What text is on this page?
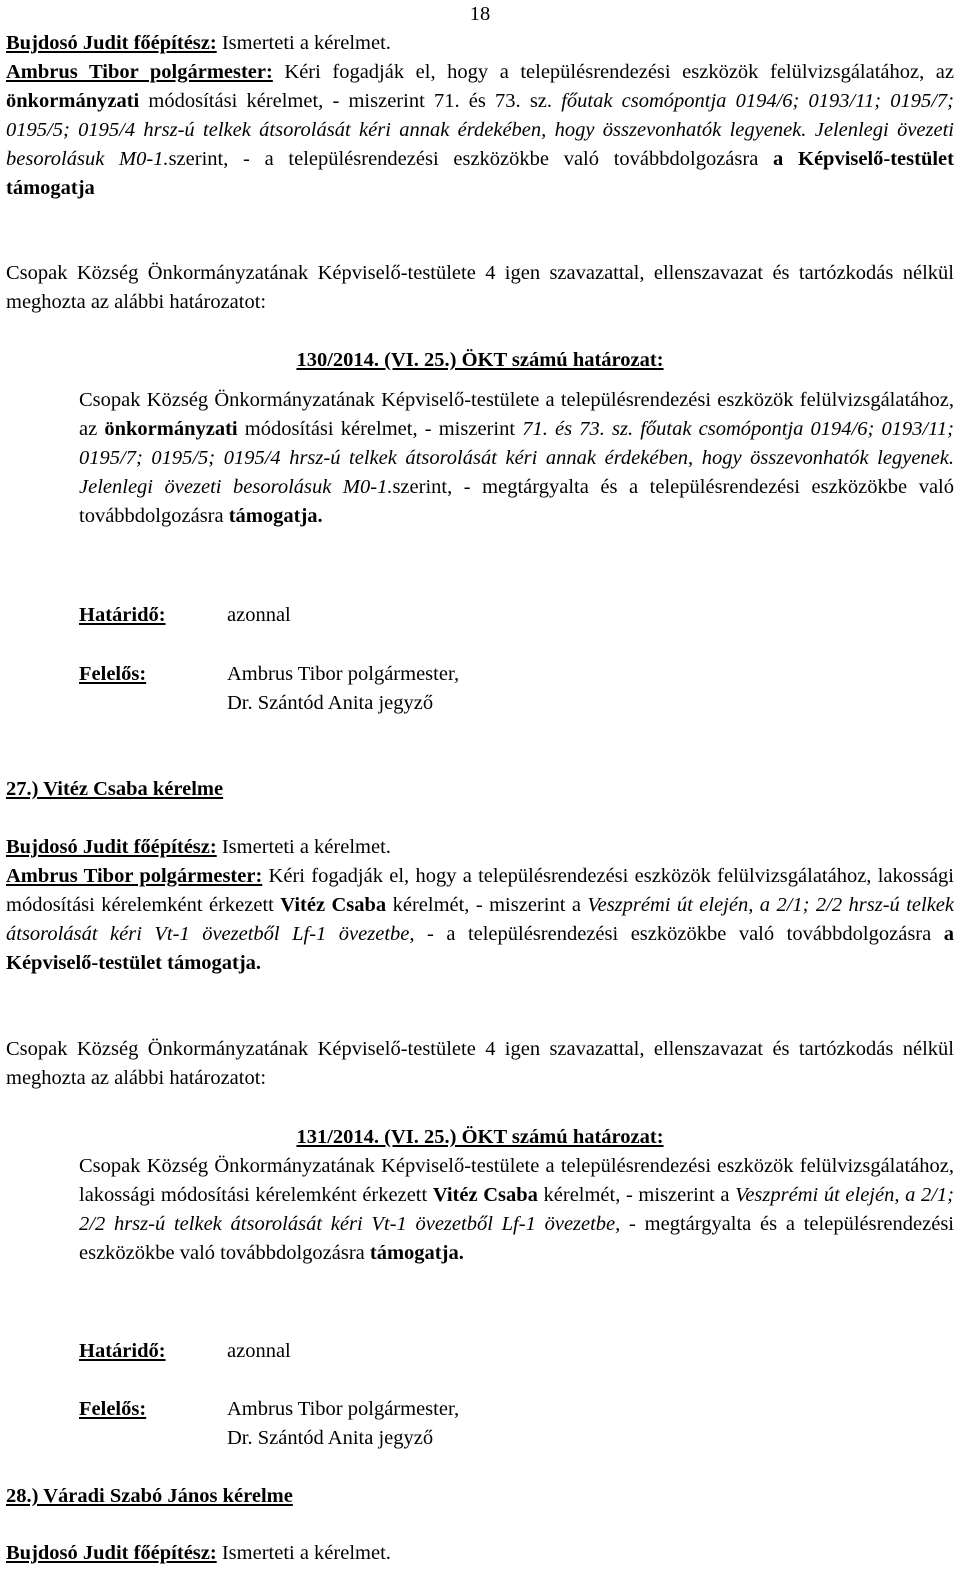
18

Bujdosó Judit főépítész: Ismerteti a kérelmet.

Ambrus Tibor polgármester: Kéri fogadják el, hogy a településrendezési eszközök felülvizsgálatához, az önkormányzati módosítási kérelmet, - miszerint 71. és 73. sz. főutak csomópontja 0194/6; 0193/11; 0195/7; 0195/5; 0195/4 hrsz-ú telkek átsorolását kéri annak érdekében, hogy összevonhatók legyenek. Jelenlegi övezeti besorolásuk M0-1.szerint, - a településrendezési eszközökbe való továbbdolgozásra a Képviselő-testület támogatja

Csopak Község Önkormányzatának Képviselő-testülete 4 igen szavazattal, ellenszavazat és tartózkodás nélkül meghozta az alábbi határozatot:

130/2014. (VI. 25.) ÖKT számú határozat:

Csopak Község Önkormányzatának Képviselő-testülete a településrendezési eszközök felülvizsgálatához, az önkormányzati módosítási kérelmet, - miszerint 71. és 73. sz. főutak csomópontja 0194/6; 0193/11; 0195/7; 0195/5; 0195/4 hrsz-ú telkek átsorolását kéri annak érdekében, hogy összevonhatók legyenek. Jelenlegi övezeti besorolásuk M0-1.szerint, - megtárgyalta és a településrendezési eszközökbe való továbbdolgozásra támogatja.

Határidő:	azonnal
Felelős:	Ambrus Tibor polgármester,
Dr. Szántód Anita jegyző
27.) Vitéz Csaba kérelme

Bujdosó Judit főépítész: Ismerteti a kérelmet.

Ambrus Tibor polgármester: Kéri fogadják el, hogy a településrendezési eszközök felülvizsgálatához, lakossági módosítási kérelemként érkezett Vitéz Csaba kérelmét, - miszerint a Veszprémi út elején, a 2/1; 2/2 hrsz-ú telkek átsorolását kéri Vt-1 övezetből Lf-1 övezetbe, - a településrendezési eszközökbe való továbbdolgozásra a Képviselő-testület támogatja.

Csopak Község Önkormányzatának Képviselő-testülete 4 igen szavazattal, ellenszavazat és tartózkodás nélkül meghozta az alábbi határozatot:

131/2014. (VI. 25.) ÖKT számú határozat:

Csopak Község Önkormányzatának Képviselő-testülete a településrendezési eszközök felülvizsgálatához, lakossági módosítási kérelemként érkezett Vitéz Csaba kérelmét, - miszerint a Veszprémi út elején, a 2/1; 2/2 hrsz-ú telkek átsorolását kéri Vt-1 övezetből Lf-1 övezetbe, - megtárgyalta és a településrendezési eszközökbe való továbbdolgozásra támogatja.

Határidő:	azonnal
Felelős:	Ambrus Tibor polgármester,
Dr. Szántód Anita jegyző
28.) Váradi Szabó János kérelme

Bujdosó Judit főépítész: Ismerteti a kérelmet.
